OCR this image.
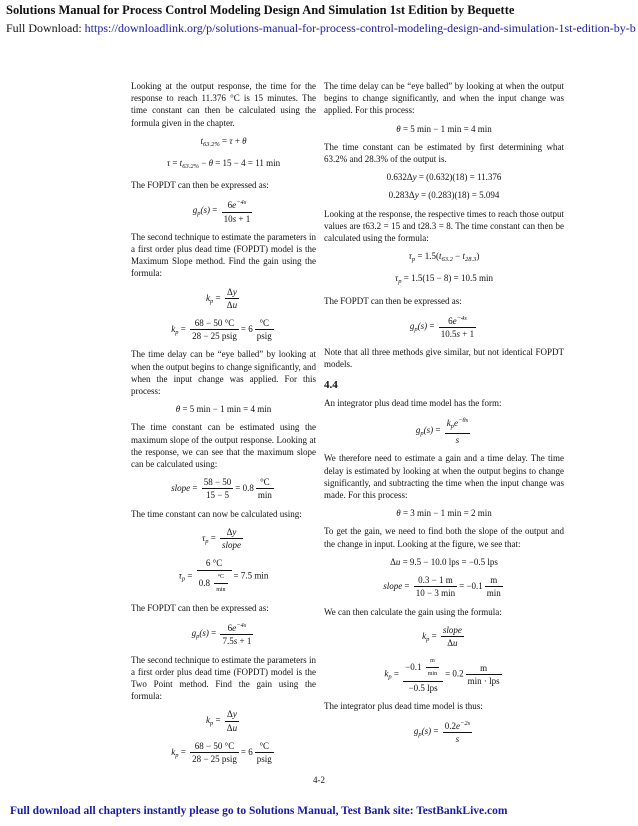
Solutions Manual for Process Control Modeling Design And Simulation 1st Edition by Bequette
Full Download: https://downloadlink.org/p/solutions-manual-for-process-control-modeling-design-and-simulation-1st-edition-by-b

Looking at the output response, the time for the response to reach 11.376 °C is 15 minutes. The time constant can then be calculated using the formula given in the chapter.

$t_{63.2\%} = \tau + \theta$
$\tau = t_{63.2\%} - \theta = 15 - 4 = 11$ min

The FOPDT can then be expressed as:

$g_p(s) = \frac{6e^{-4s}}{10s + 1}$

The second technique to estimate the parameters in a first order plus dead time (FOPDT) model is the Maximum Slope method. Find the gain using the formula:

$k_p = \frac{\Delta y}{\Delta u}$
$k_p = \frac{68 - 50 ^\circ C}{\text{28 − 25 psig}} = 6 \frac{^\circ C}{\text{psig}}$

The time delay can be “eye balled” by looking at when the output begins to change significantly, and when the input change was applied. For this process:

θ = 5 min − 1 min = 4 min

The time constant can be estimated using the maximum slope of the output response. Looking at the response, we can see that the maximum slope can be calculated using:

slope = $\frac{58 - 50}{15 - 5} = 0.8 \frac{^\circ C}{\min}$

The time constant can now be calculated using:

$\tau_p = \frac{\Delta y}{\text{slope}}$
$\tau_p = \frac{6 ^\circ C}{0.8 \frac{^\circ C}{\min}} = 7.5$ min

The FOPDT can then be expressed as:

$g_p(s) = \frac{6e^{-4s}}{7.5s + 1}$

The second technique to estimate the parameters in a first order plus dead time (FOPDT) model is the Two Point method. Find the gain using the formula:

$k_p = \frac{\Delta y}{\Delta u}$
$k_p = \frac{68 - 50 ^\circ C}{\text{28 − 25 psig}} = 6 \frac{^\circ C}{\text{psig}}$

The time delay can be “eye balled” by looking at when the output begins to change significantly, and when the input change was applied. For this process:

θ = 5 min − 1 min = 4 min

The time constant can be estimated by first determining what 63.2% and 28.3% of the output is.

0.632Δy = (0.632)(18) = 11.376
0.283Δy = (0.283)(18) = 5.094

Looking at the response, the respective times to reach those output values are t63.2 = 15 and t28.3 = 8. The time constant can then be calculated using the formula:

$\tau_p = 1.5(t_{63.2} - t_{28.3})$
$\tau_p = 1.5(15 - 8) = 10.5$ min

The FOPDT can then be expressed as:

$g_p(s) = \frac{6e^{-4s}}{10.5s + 1}$

Note that all three methods give similar, but not identical FOPDT models.

4.4

An integrator plus dead time model has the form:

$g_p(s) = \frac{k_pe^{-\theta s}}{s}$

We therefore need to estimate a gain and a time delay. The time delay is estimated by looking at when the output begins to change significantly, and subtracting the time when the input change was made. For this process:

θ = 3 min − 1 min = 2 min

To get the gain, we need to find both the slope of the output and the change in input. Looking at the figure, we see that:

Δu = 9.5 − 10.0 lps = −0.5 lps
slope = $\frac{0.3 - 1 m}{10 - 3 \min} = -0.1 \frac{m}{\min}$

We can then calculate the gain using the formula:

$k_p = \frac{\text{slope}}{\Delta u}$
$k_p = \frac{-0.1 \frac{m}{\min}}{\text{−0.5 lps}} = 0.2 \frac{m}{\text{min · lps}}$

The integrator plus dead time model is thus:

$g_p(s) = \frac{0.2e^{-2s}}{s}$
4-2
Full download all chapters instantly please go to Solutions Manual, Test Bank site: TestBankLive.com
